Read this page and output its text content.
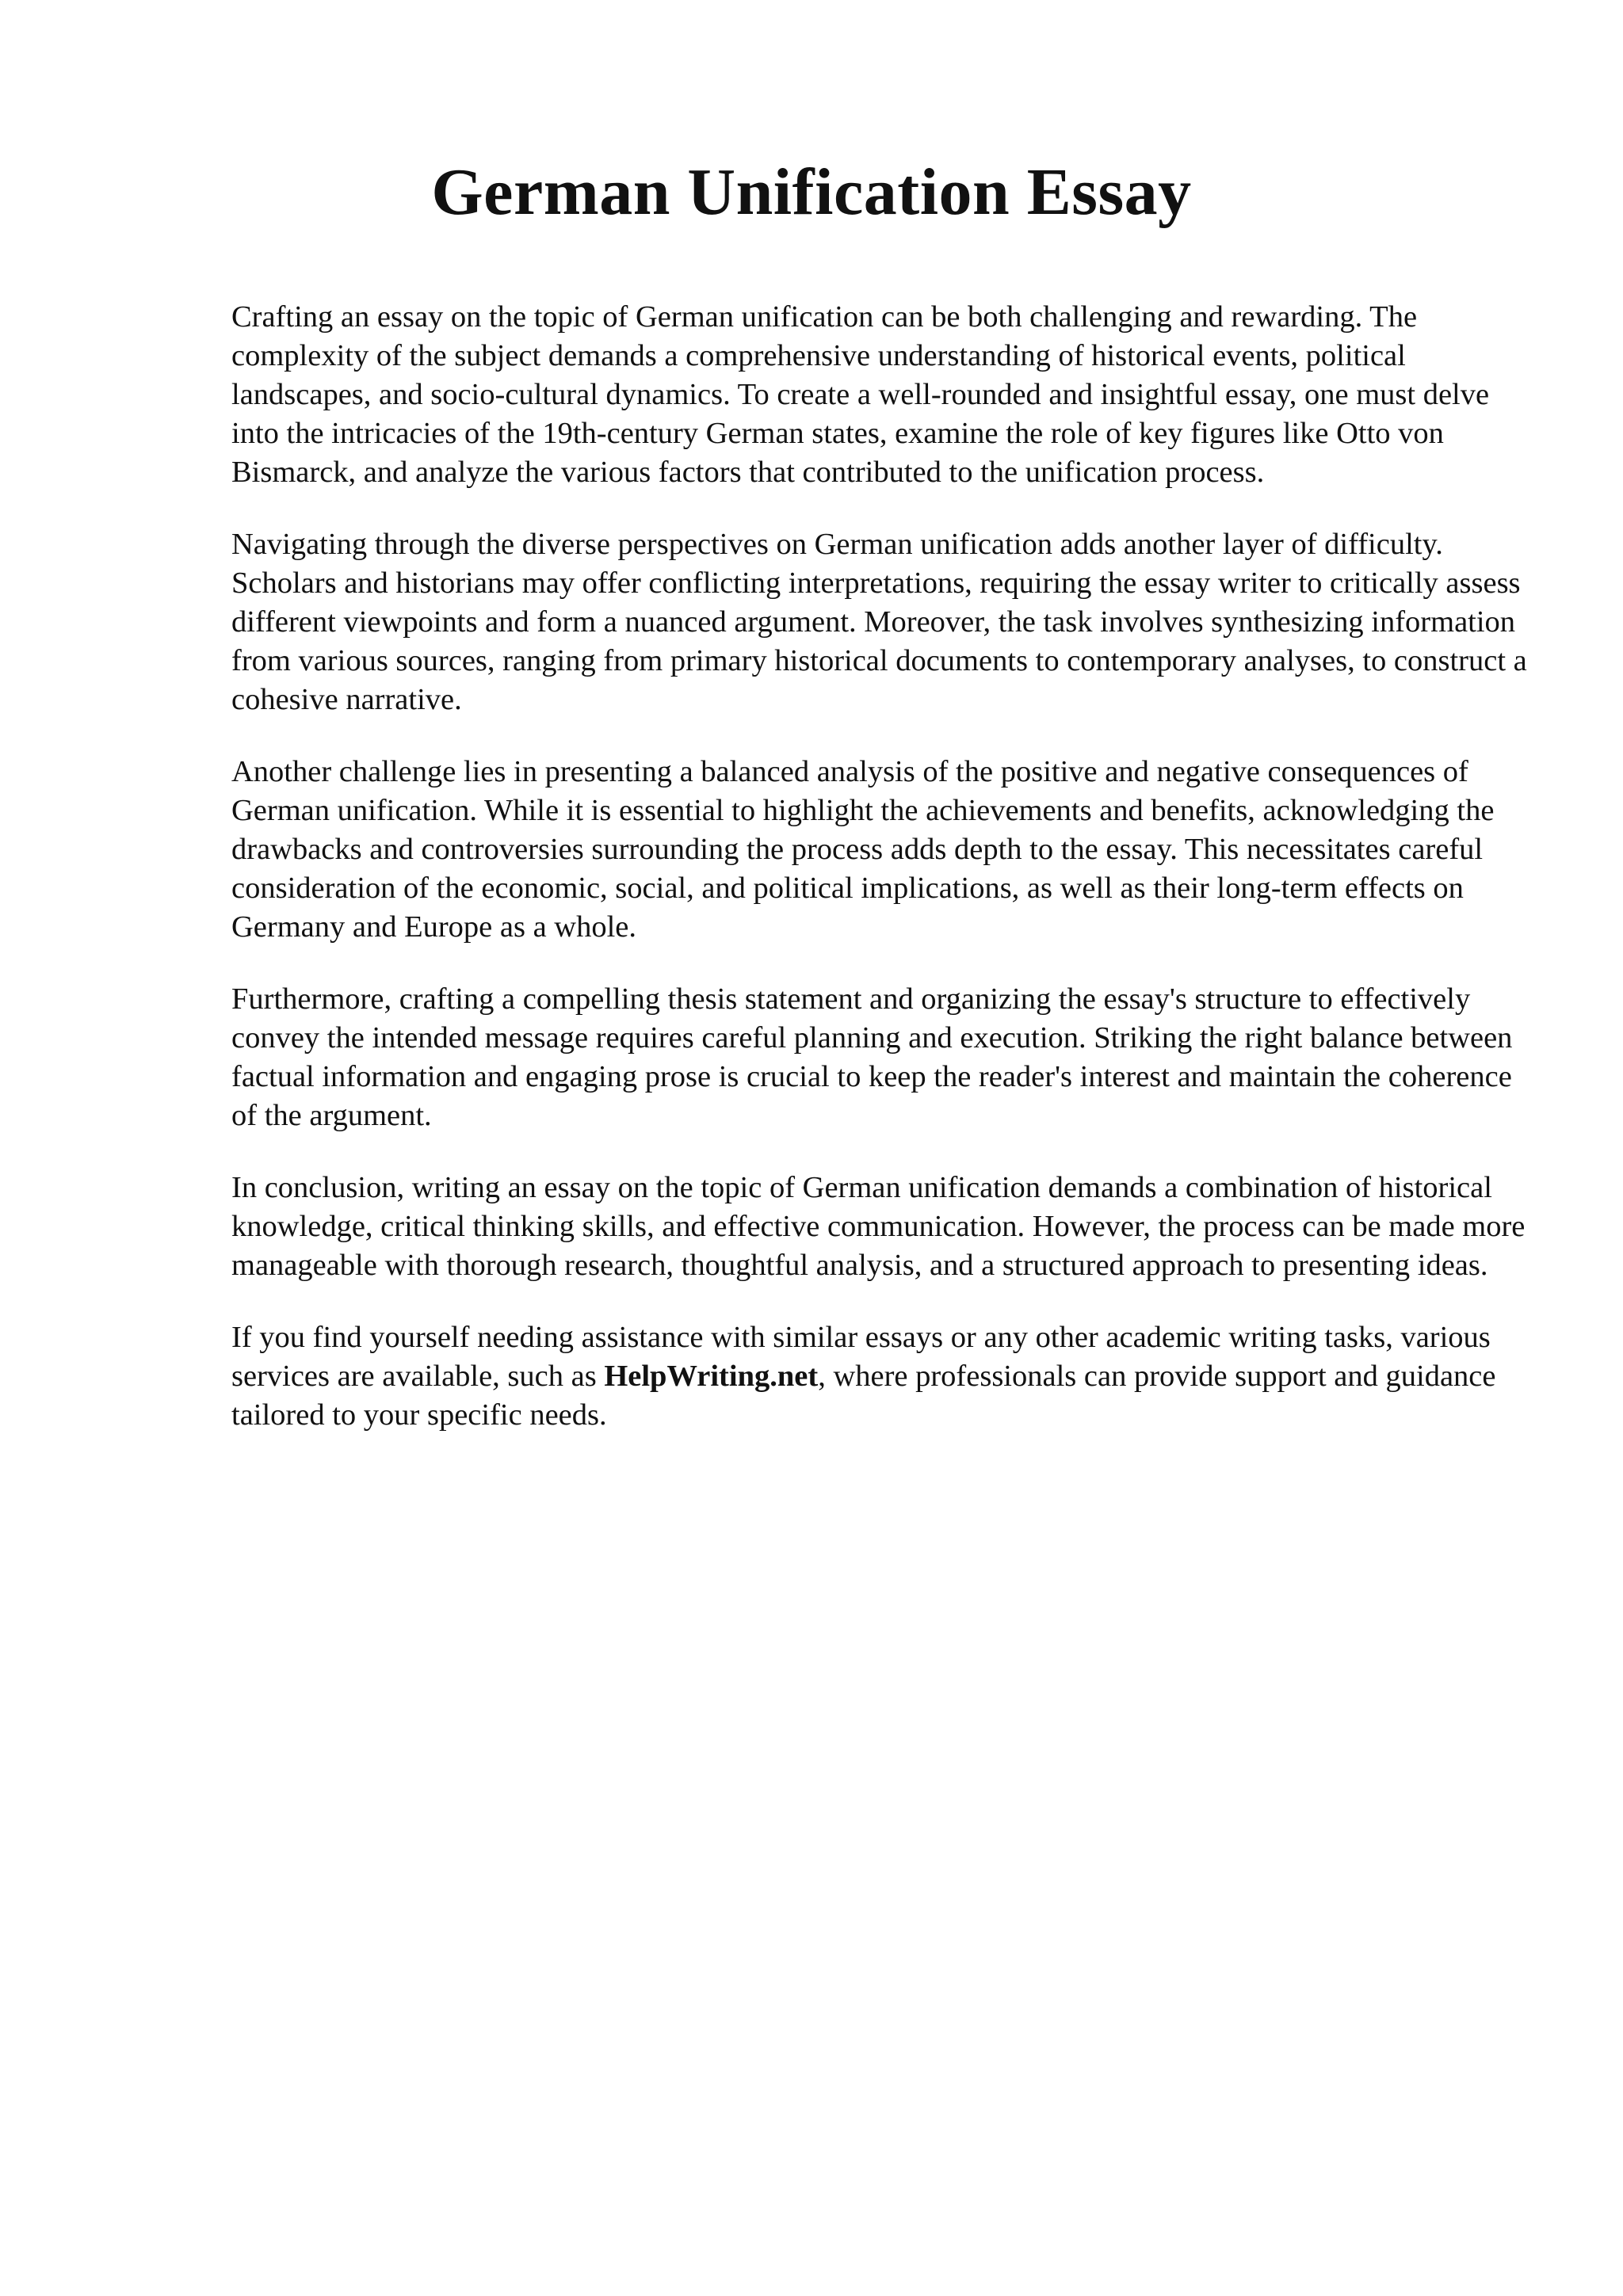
German Unification Essay

Crafting an essay on the topic of German unification can be both challenging and rewarding. The complexity of the subject demands a comprehensive understanding of historical events, political landscapes, and socio-cultural dynamics. To create a well-rounded and insightful essay, one must delve into the intricacies of the 19th-century German states, examine the role of key figures like Otto von Bismarck, and analyze the various factors that contributed to the unification process.

Navigating through the diverse perspectives on German unification adds another layer of difficulty. Scholars and historians may offer conflicting interpretations, requiring the essay writer to critically assess different viewpoints and form a nuanced argument. Moreover, the task involves synthesizing information from various sources, ranging from primary historical documents to contemporary analyses, to construct a cohesive narrative.

Another challenge lies in presenting a balanced analysis of the positive and negative consequences of German unification. While it is essential to highlight the achievements and benefits, acknowledging the drawbacks and controversies surrounding the process adds depth to the essay. This necessitates careful consideration of the economic, social, and political implications, as well as their long-term effects on Germany and Europe as a whole.

Furthermore, crafting a compelling thesis statement and organizing the essay's structure to effectively convey the intended message requires careful planning and execution. Striking the right balance between factual information and engaging prose is crucial to keep the reader's interest and maintain the coherence of the argument.

In conclusion, writing an essay on the topic of German unification demands a combination of historical knowledge, critical thinking skills, and effective communication. However, the process can be made more manageable with thorough research, thoughtful analysis, and a structured approach to presenting ideas.

If you find yourself needing assistance with similar essays or any other academic writing tasks, various services are available, such as HelpWriting.net, where professionals can provide support and guidance tailored to your specific needs.
